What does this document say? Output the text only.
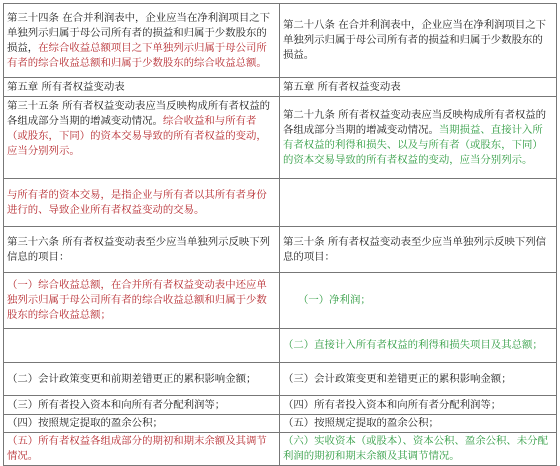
第三十四条 在合并利润表中，企业应当在净利润项目之下单独列示归属于母公司所有者的损益和归属于少数股东的损益，在综合收益总额项目之下单独列示归属于母公司所有者的综合收益总额和归属于少数股东的综合收益总额。	第二十八条 在合并利润表中，企业应当在净利润项目之下单独列示归属于母公司所有者的损益和归属于少数股东的损益。
第五章 所有者权益变动表	第五章 所有者权益变动表
第三十五条 所有者权益变动表应当反映构成所有者权益的各组成部分当期的增减变动情况。综合收益和与所有者（或股东，下同）的资本交易导致的所有者权益的变动，应当分别列示。	第二十九条 所有者权益变动表应当反映构成所有者权益的各组成部分当期的增减变动情况。当期损益、直接计入所有者权益的利得和损失、以及与所有者（或股东，下同）的资本交易导致的所有者权益的变动，应当分别列示。
与所有者的资本交易，是指企业与所有者以其所有者身份进行的、导致企业所有者权益变动的交易。	
第三十六条 所有者权益变动表至少应当单独列示反映下列信息的项目：	第三十条 所有者权益变动表至少应当单独列示反映下列信息的项目：
（一）综合收益总额，在合并所有者权益变动表中还应单独列示归属于母公司所有者的综合收益总额和归属于少数股东的综合收益总额；	（一）净利润；
	（二）直接计入所有者权益的利得和损失项目及其总额；
（二）会计政策变更和前期差错更正的累积影响金额；	（三）会计政策变更和差错更正的累积影响金额；
（三）所有者投入资本和向所有者分配利润等；	（四）所有者投入资本和向所有者分配利润等；
（四）按照规定提取的盈余公积；	（五）按照规定提取的盈余公积；
（五）所有者权益各组成部分的期初和期末余额及其调节情况。	（六）实收资本（或股本）、资本公积、盈余公积、未分配利润的期初和期末余额及其调节情况。
